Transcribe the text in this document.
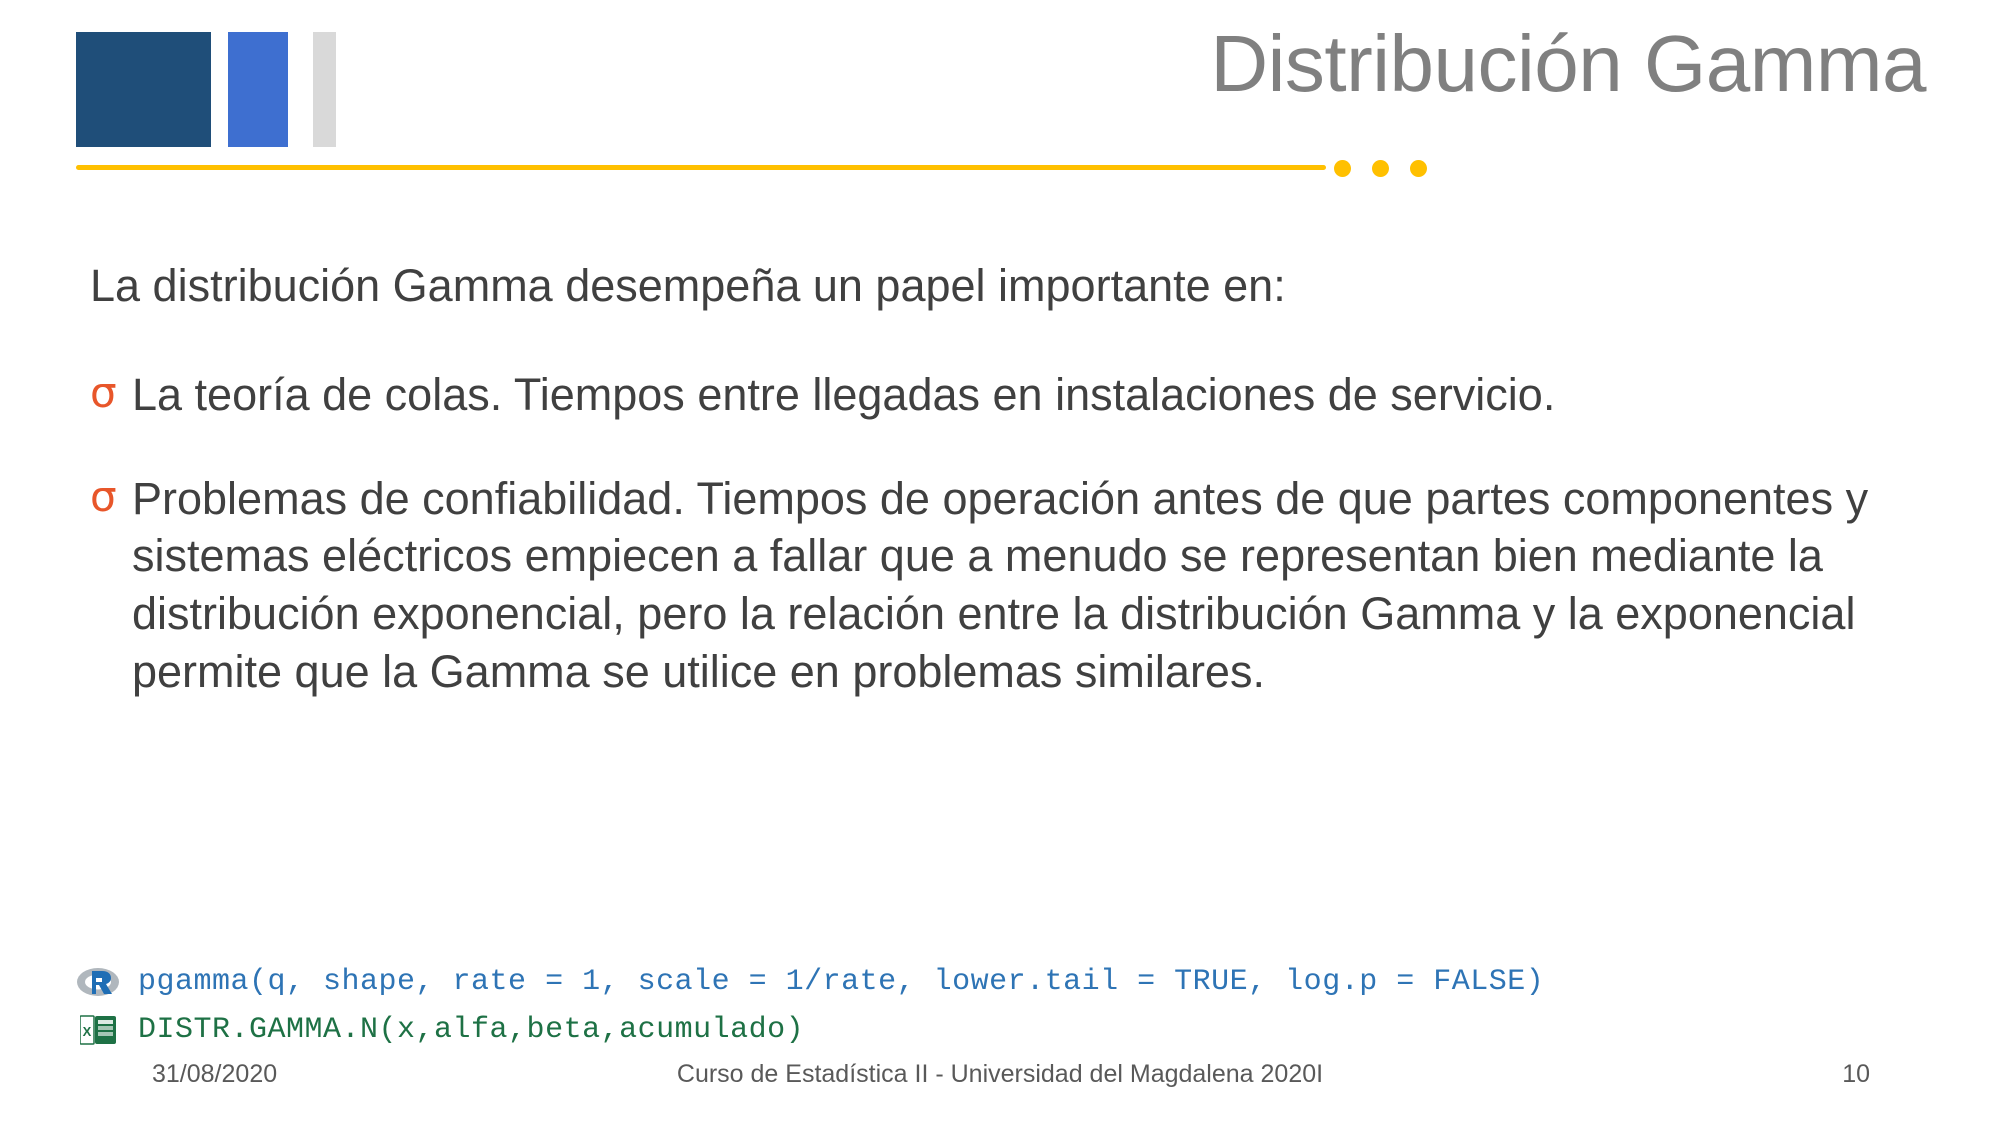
Distribución Gamma

La distribución Gamma desempeña un papel importante en:

σ La teoría de colas. Tiempos entre llegadas en instalaciones de servicio.
σ Problemas de confiabilidad. Tiempos de operación antes de que partes componentes y sistemas eléctricos empiecen a fallar que a menudo se representan bien mediante la distribución exponencial, pero la relación entre la distribución Gamma y la exponencial permite que la Gamma se utilice en problemas similares.
pgamma(q, shape, rate = 1, scale = 1/rate, lower.tail = TRUE, log.p = FALSE)
X DISTR.GAMMA.N(x,alfa,beta,acumulado)
31/08/2020	Curso de Estadística II - Universidad del Magdalena 2020I	10
